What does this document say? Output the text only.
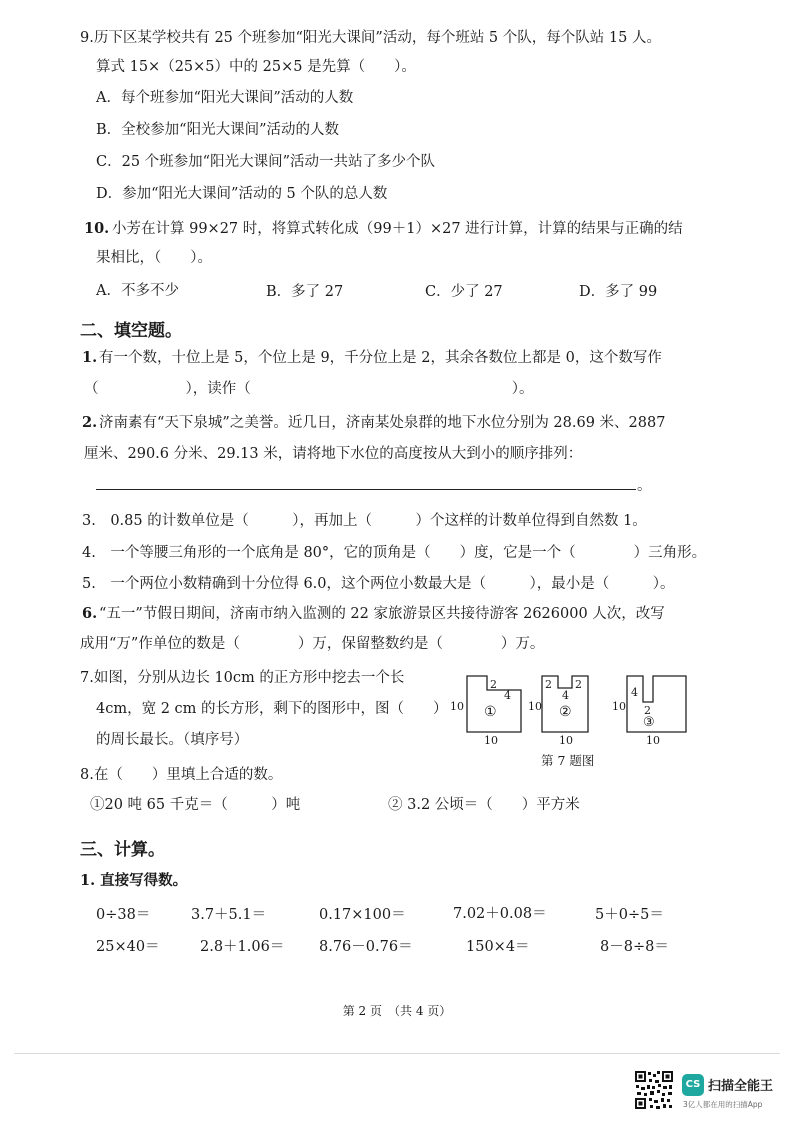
9.历下区某学校共有 25 个班参加“阳光大课间”活动，每个班站 5 个队，每个队站 15 人。
算式 15×（25×5）中的 25×5 是先算（　　）。
A．每个班参加“阳光大课间”活动的人数
B．全校参加“阳光大课间”活动的人数
C．25 个班参加“阳光大课间”活动一共站了多少个队
D．参加“阳光大课间”活动的 5 个队的总人数
10. 小芳在计算 99×27 时，将算式转化成（99＋1）×27 进行计算，计算的结果与正确的结
果相比，（　　）。
A．不多不少	B．多了 27	C．少了 27	D．多了 99
二、填空题。
1. 有一个数，十位上是 5，个位上是 9，千分位上是 2，其余各数位上都是 0，这个数写作
（　　　　　　），读作（　　　　　　　　　　　　　　　　　　）。
2. 济南素有“天下泉城”之美誉。近几日，济南某处泉群的地下水位分别为 28.69 米、2887
厘米、290.6 分米、29.13 米，请将地下水位的高度按从大到小的顺序排列：
。
3.　0.85 的计数单位是（　　　），再加上（　　　）个这样的计数单位得到自然数 1。
4.　一个等腰三角形的一个底角是 80°，它的顶角是（　　）度，它是一个（　　　　）三角形。
5.　一个两位小数精确到十分位得 6.0，这个两位小数最大是（　　　），最小是（　　　）。
6. “五一”节假日期间，济南市纳入监测的 22 家旅游景区共接待游客 2626000 人次，改写
成用“万”作单位的数是（　　　　）万，保留整数约是（　　　　）万。
7.如图，分别从边长 10cm 的正方形中挖去一个长
4cm，宽 2 cm 的长方形，剩下的图形中，图（　　）
的周长最长。（填序号）
2
4
10 ①
10
2
4
2
10 ②
10
4
2
10
③
10
第 7 题图
8.在（　　）里填上合适的数。
①20 吨 65 千克＝（　　　）吨	② 3.2 公顷＝（　　）平方米
三、计算。
1. 直接写得数。
0÷38＝	3.7＋5.1＝	0.17×100＝	7.02＋0.08＝	5＋0÷5＝
25×40＝	2.8＋1.06＝ 8.76－0.76＝	150×4＝	8－8÷8＝
第 2 页　（共 4 页）
CS 扫描全能王
3亿人都在用的扫描App
